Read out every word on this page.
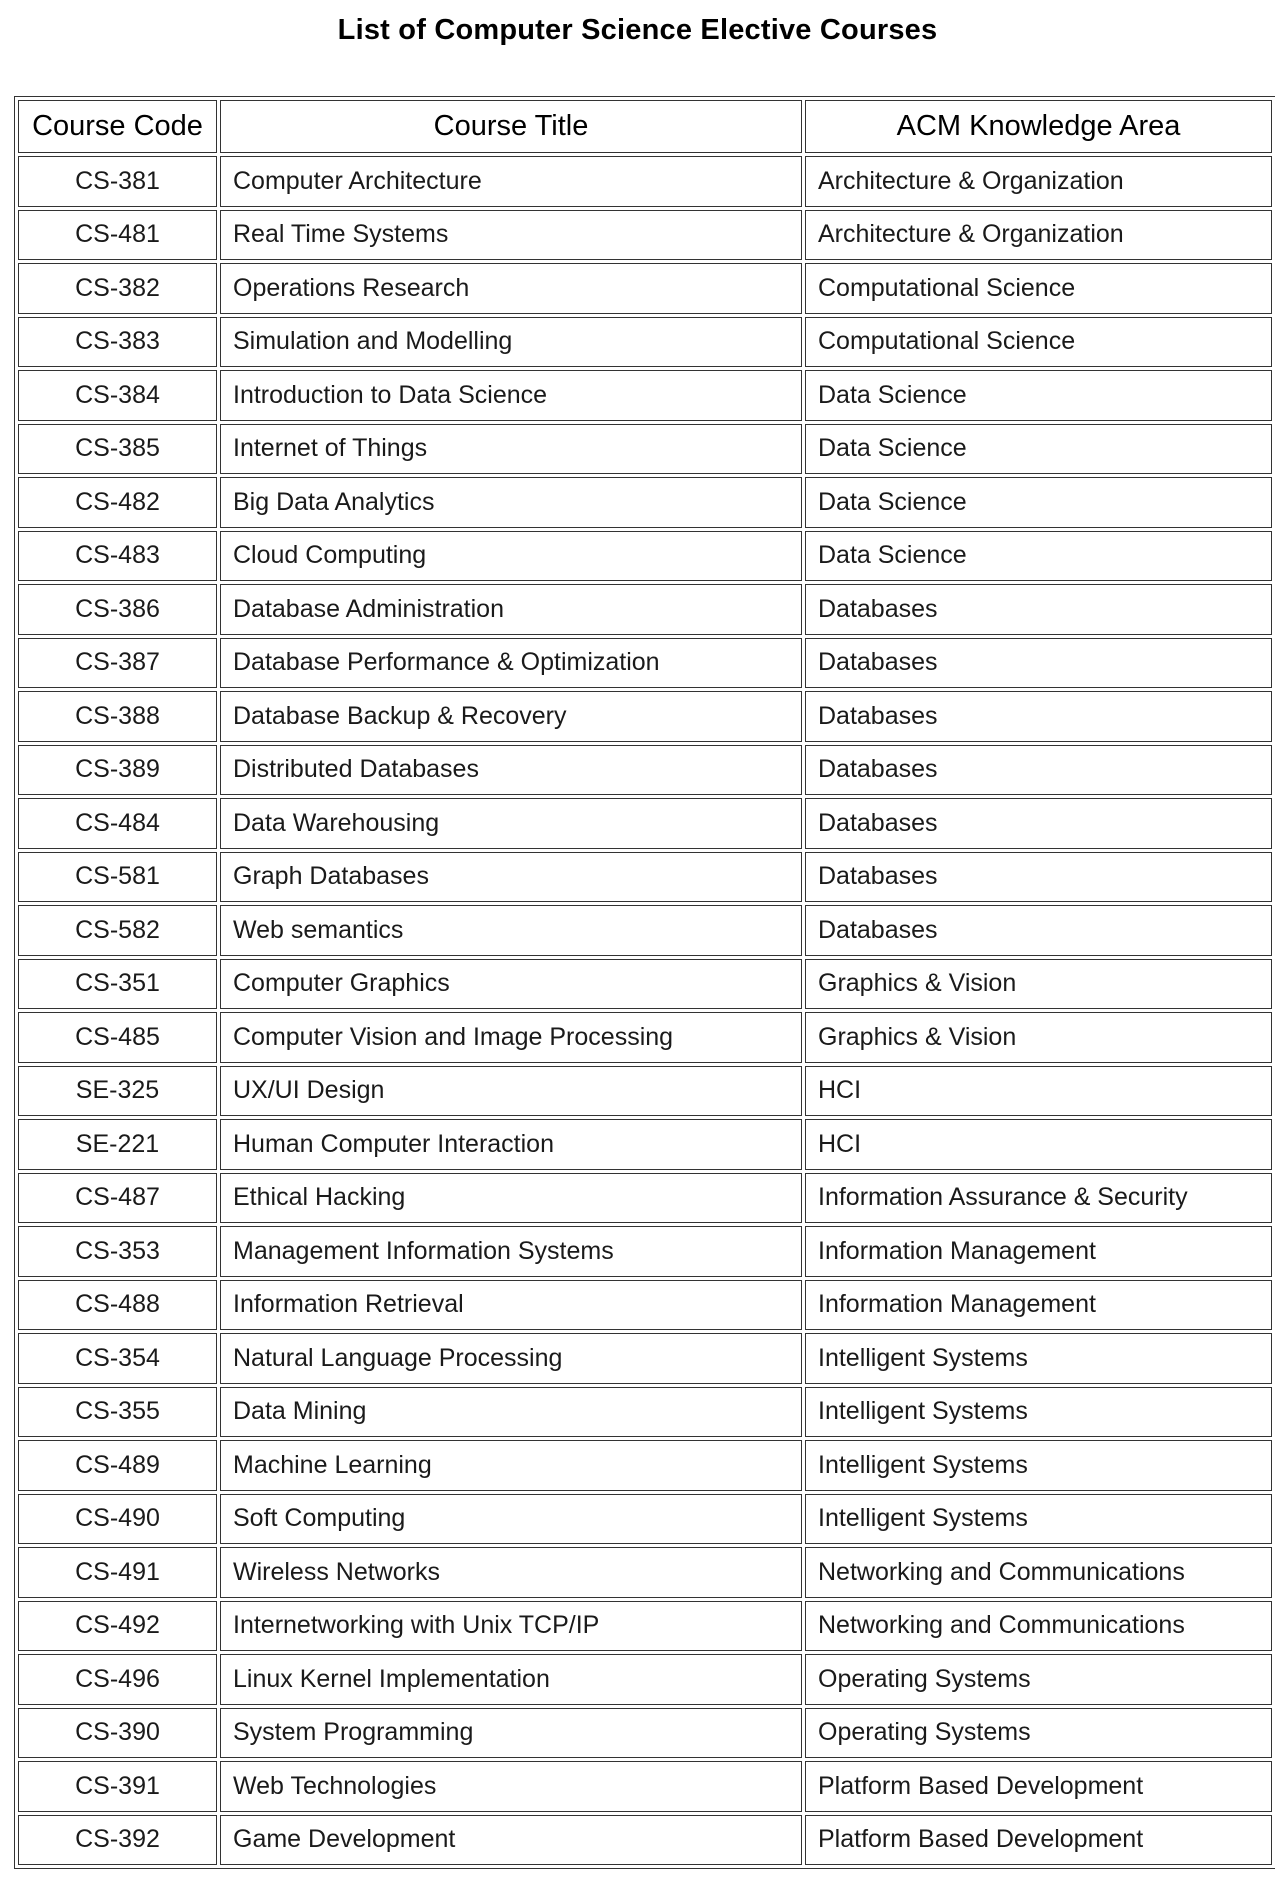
List of Computer Science Elective Courses
Course Code	Course Title	ACM Knowledge Area
CS-381	Computer Architecture	Architecture & Organization
CS-481	Real Time Systems	Architecture & Organization
CS-382	Operations Research	Computational Science
CS-383	Simulation and Modelling	Computational Science
CS-384	Introduction to Data Science	Data Science
CS-385	Internet of Things	Data Science
CS-482	Big Data Analytics	Data Science
CS-483	Cloud Computing	Data Science
CS-386	Database Administration	Databases
CS-387	Database Performance & Optimization	Databases
CS-388	Database Backup & Recovery	Databases
CS-389	Distributed Databases	Databases
CS-484	Data Warehousing	Databases
CS-581	Graph Databases	Databases
CS-582	Web semantics	Databases
CS-351	Computer Graphics	Graphics & Vision
CS-485	Computer Vision and Image Processing	Graphics & Vision
SE-325	UX/UI Design	HCI
SE-221	Human Computer Interaction	HCI
CS-487	Ethical Hacking	Information Assurance & Security
CS-353	Management Information Systems	Information Management
CS-488	Information Retrieval	Information Management
CS-354	Natural Language Processing	Intelligent Systems
CS-355	Data Mining	Intelligent Systems
CS-489	Machine Learning	Intelligent Systems
CS-490	Soft Computing	Intelligent Systems
CS-491	Wireless Networks	Networking and Communications
CS-492	Internetworking with Unix TCP/IP	Networking and Communications
CS-496	Linux Kernel Implementation	Operating Systems
CS-390	System Programming	Operating Systems
CS-391	Web Technologies	Platform Based Development
CS-392	Game Development	Platform Based Development
